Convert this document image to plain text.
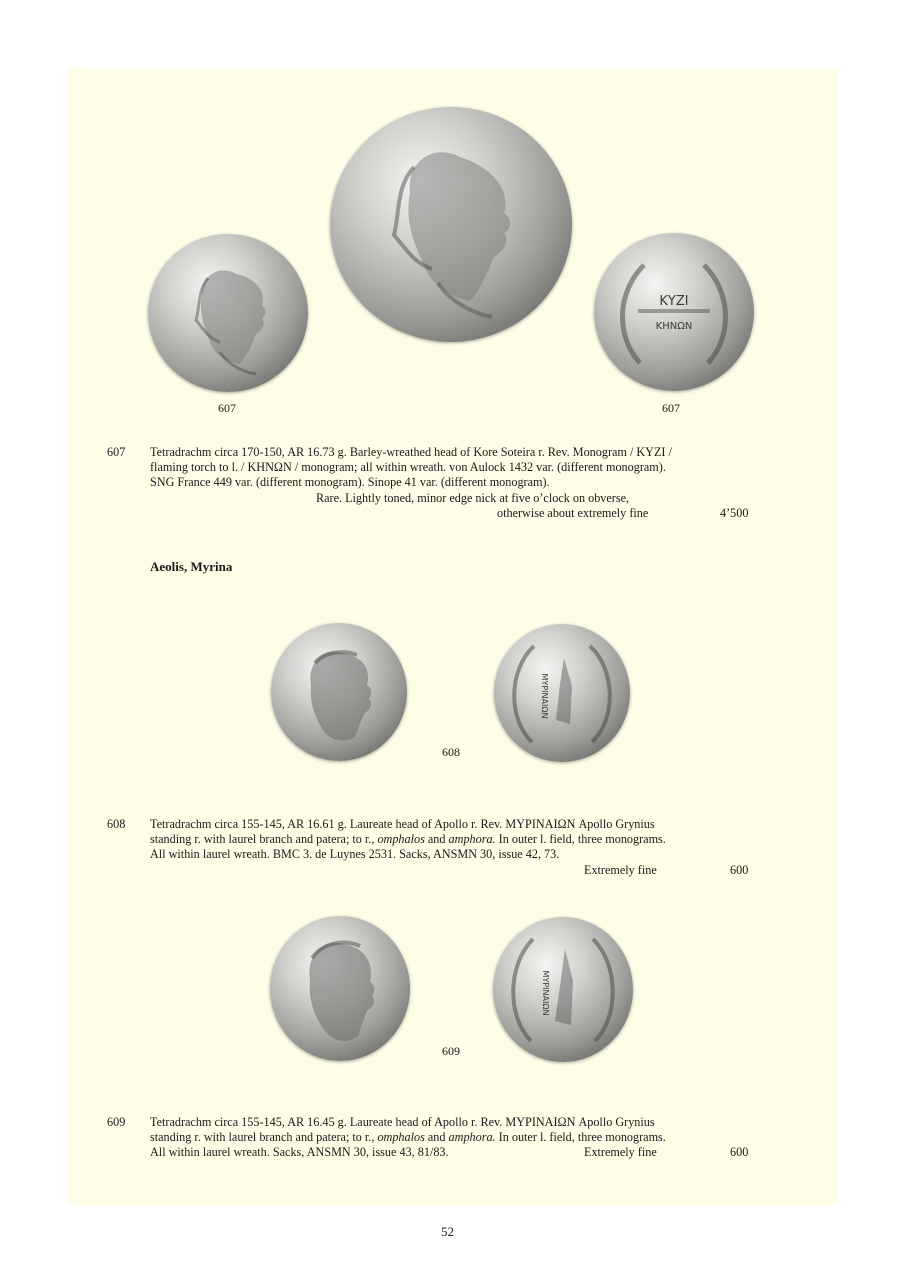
ΚΥΖΙ
ΚΗΝΩΝ
607	607
607 Tetradrachm circa 170-150, AR 16.73 g. Barley-wreathed head of Kore Soteira r. Rev. Monogram / KYZI /
flaming torch to l. / ΚΗΝΩΝ / monogram; all within wreath. von Aulock 1432 var. (different monogram).
SNG France 449 var. (different monogram). Sinope 41 var. (different monogram).
Rare. Lightly toned, minor edge nick at five o’clock on obverse,
otherwise about extremely fine	4’500
Aeolis, Myrina
ΜΥΡΙΝΑΙΩΝ
608
608 Tetradrachm circa 155-145, AR 16.61 g. Laureate head of Apollo r. Rev. ΜΥΡΙΝΑΙΩΝ Apollo Grynius
standing r. with laurel branch and patera; to r., omphalos and amphora. In outer l. field, three monograms.
All within laurel wreath. BMC 3. de Luynes 2531. Sacks, ANSMN 30, issue 42, 73.
Extremely fine	600
ΜΥΡΙΝΑΙΩΝ
609
609 Tetradrachm circa 155-145, AR 16.45 g. Laureate head of Apollo r. Rev. ΜΥΡΙΝΑΙΩΝ Apollo Grynius
standing r. with laurel branch and patera; to r., omphalos and amphora. In outer l. field, three monograms.
All within laurel wreath. Sacks, ANSMN 30, issue 43, 81/83.	Extremely fine	600
52
